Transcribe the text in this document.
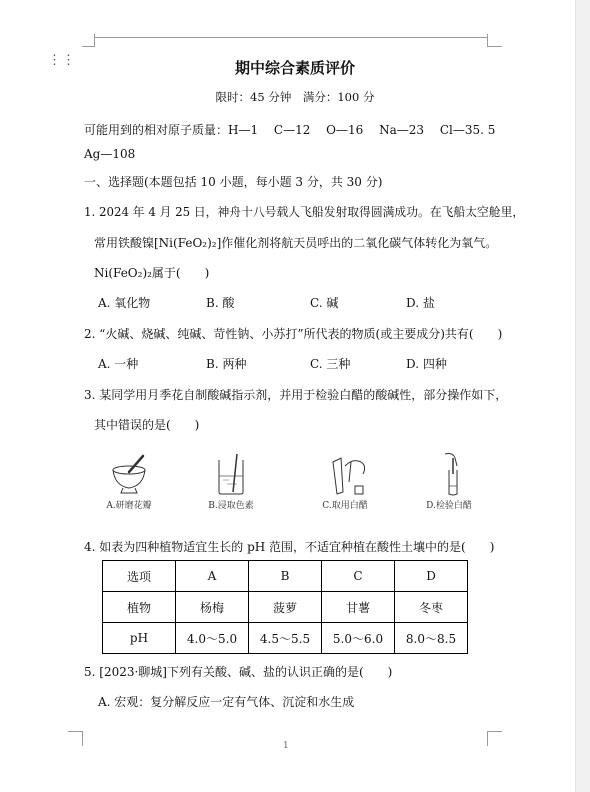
⋮⋮	期中综合素质评价
限时：45 分钟　满分：100 分
可能用到的相对原子质量：H—1　 C—12　 O—16　 Na—23　 Cl—35. 5
Ag—108
一、选择题(本题包括 10 小题，每小题 3 分，共 30 分)
1. 2024 年 4 月 25 日，神舟十八号载人飞船发射取得圆满成功。在飞船太空舱里，
常用铁酸镍[Ni(FeO₂)₂]作催化剂将航天员呼出的二氧化碳气体转化为氧气。
Ni(FeO₂)₂属于(　　)
A. 氧化物	B. 酸	C. 碱	D. 盐
2. “火碱、烧碱、纯碱、苛性钠、小苏打”所代表的物质(或主要成分)共有(　　)
A. 一种	B. 两种	C. 三种	D. 四种
3. 某同学用月季花自制酸碱指示剂，并用于检验白醋的酸碱性，部分操作如下，
其中错误的是(　　)
A.研磨花瓣	B.浸取色素	C.取用白醋	D.检验白醋
4. 如表为四种植物适宜生长的 pH 范围，不适宜种植在酸性土壤中的是(　　)
选项	A	B	C	D
植物	杨梅	菠萝	甘薯	冬枣
pH	4.0～5.0	4.5～5.5	5.0～6.0	8.0～8.5
5. [2023·聊城]下列有关酸、碱、盐的认识正确的是(　　)
A. 宏观：复分解反应一定有气体、沉淀和水生成
1
